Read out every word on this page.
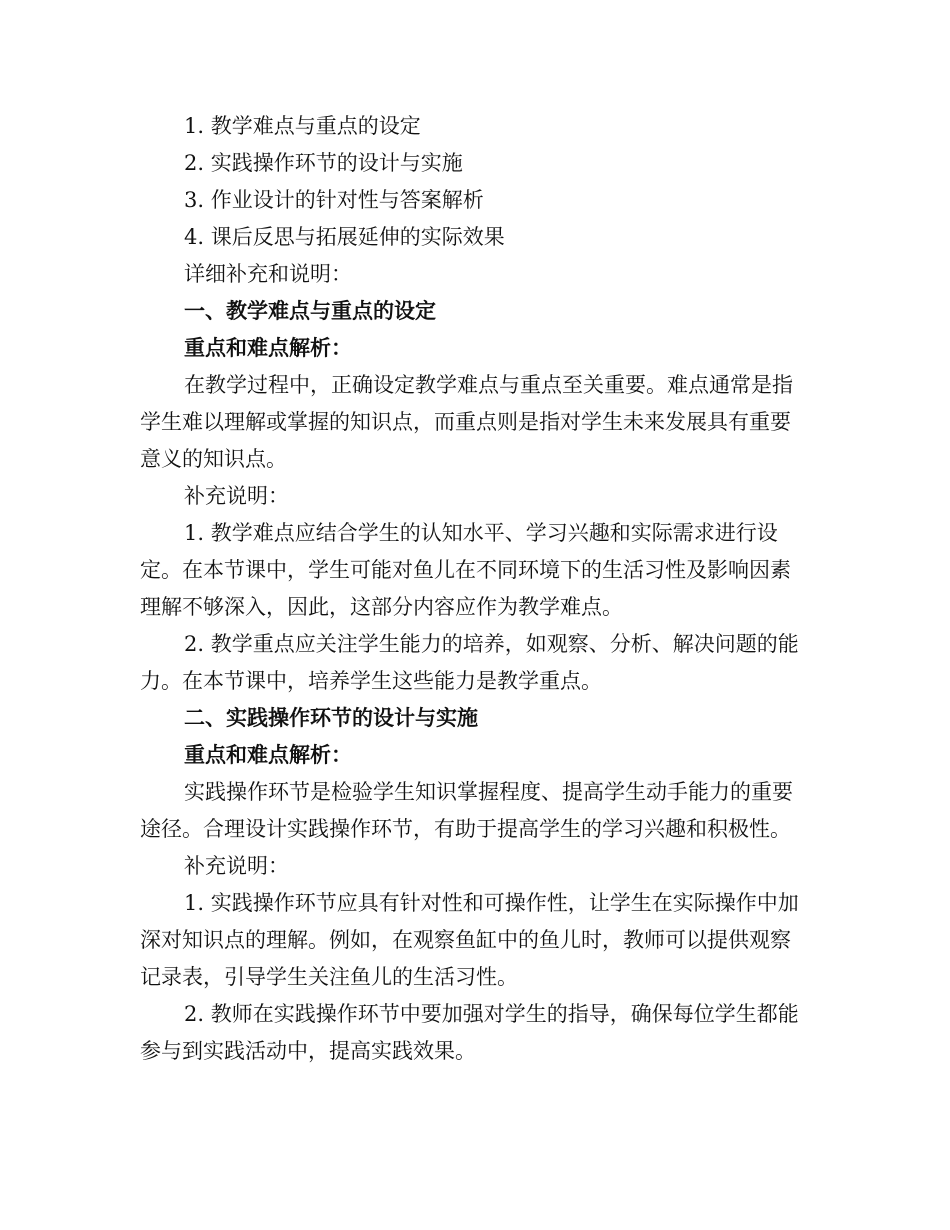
1. 教学难点与重点的设定

2. 实践操作环节的设计与实施

3. 作业设计的针对性与答案解析

4. 课后反思与拓展延伸的实际效果

详细补充和说明：

一、教学难点与重点的设定

重点和难点解析：

在教学过程中，正确设定教学难点与重点至关重要。难点通常是指学生难以理解或掌握的知识点，而重点则是指对学生未来发展具有重要意义的知识点。

补充说明：

1. 教学难点应结合学生的认知水平、学习兴趣和实际需求进行设定。在本节课中，学生可能对鱼儿在不同环境下的生活习性及影响因素理解不够深入，因此，这部分内容应作为教学难点。

2. 教学重点应关注学生能力的培养，如观察、分析、解决问题的能力。在本节课中，培养学生这些能力是教学重点。

二、实践操作环节的设计与实施

重点和难点解析：

实践操作环节是检验学生知识掌握程度、提高学生动手能力的重要途径。合理设计实践操作环节，有助于提高学生的学习兴趣和积极性。

补充说明：

1. 实践操作环节应具有针对性和可操作性，让学生在实际操作中加深对知识点的理解。例如，在观察鱼缸中的鱼儿时，教师可以提供观察记录表，引导学生关注鱼儿的生活习性。

2. 教师在实践操作环节中要加强对学生的指导，确保每位学生都能参与到实践活动中，提高实践效果。
